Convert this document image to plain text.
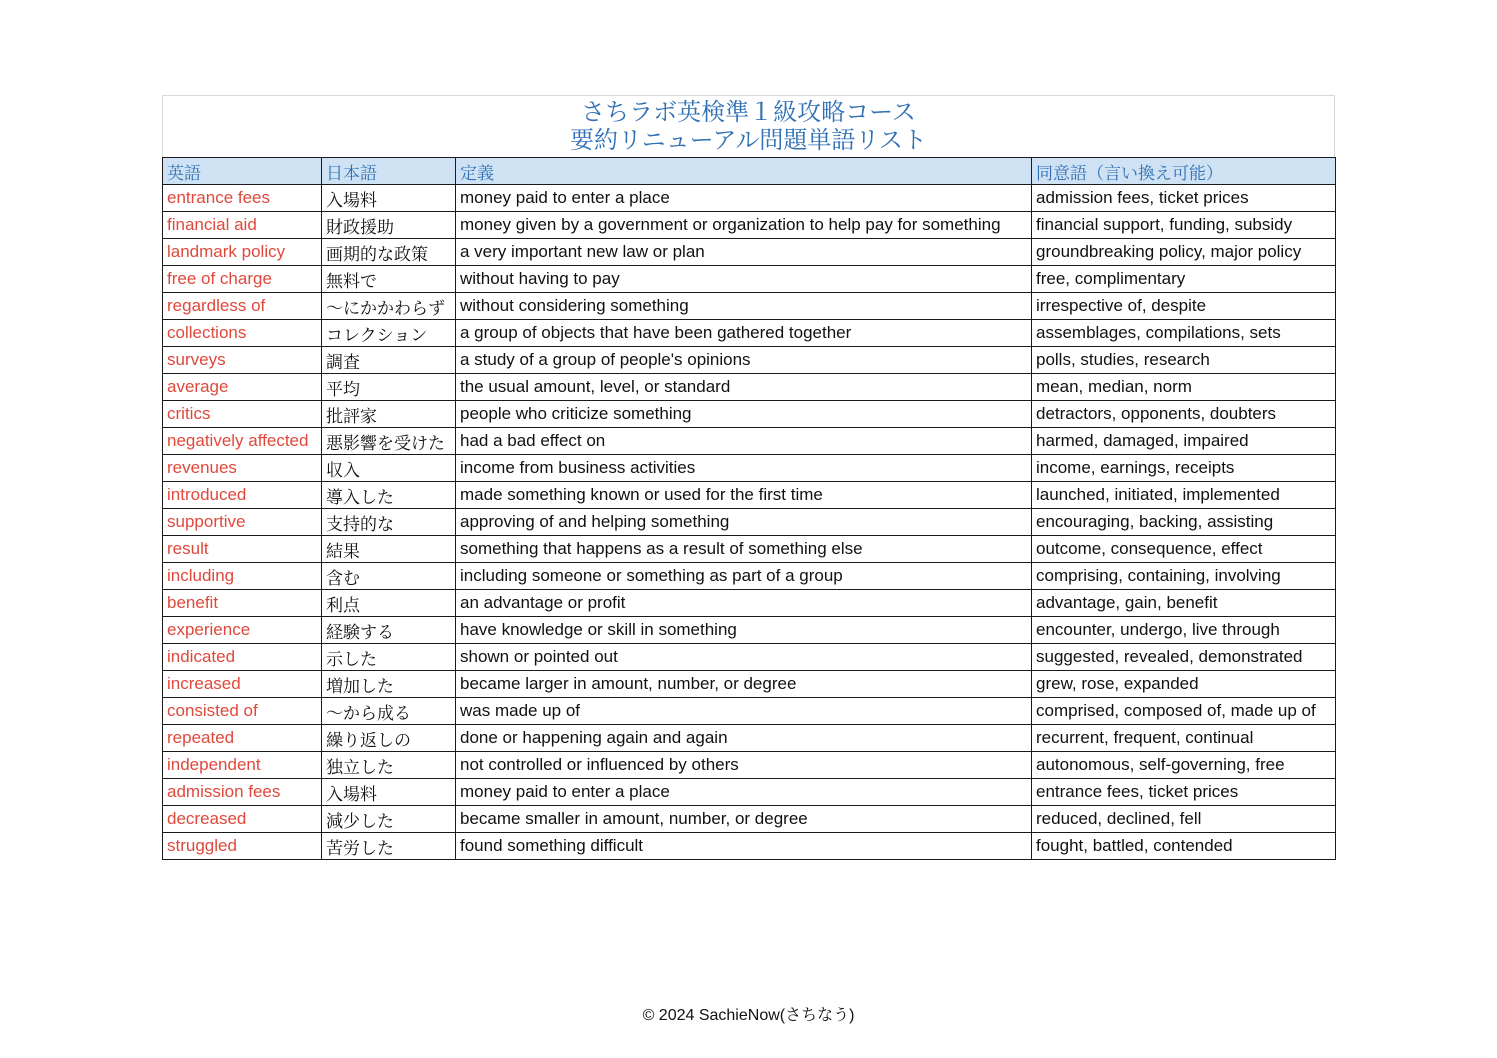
さちラボ英検準１級攻略コース
要約リニューアル問題単語リスト
英語	日本語	定義	同意語（言い換え可能）
entrance fees	入場料	money paid to enter a place	admission fees, ticket prices
financial aid	財政援助	money given by a government or organization to help pay for something	financial support, funding, subsidy
landmark policy	画期的な政策	a very important new law or plan	groundbreaking policy, major policy
free of charge	無料で	without having to pay	free, complimentary
regardless of	～にかかわらず	without considering something	irrespective of, despite
collections	コレクション	a group of objects that have been gathered together	assemblages, compilations, sets
surveys	調査	a study of a group of people's opinions	polls, studies, research
average	平均	the usual amount, level, or standard	mean, median, norm
critics	批評家	people who criticize something	detractors, opponents, doubters
negatively affected	悪影響を受けた	had a bad effect on	harmed, damaged, impaired
revenues	収入	income from business activities	income, earnings, receipts
introduced	導入した	made something known or used for the first time	launched, initiated, implemented
supportive	支持的な	approving of and helping something	encouraging, backing, assisting
result	結果	something that happens as a result of something else	outcome, consequence, effect
including	含む	including someone or something as part of a group	comprising, containing, involving
benefit	利点	an advantage or profit	advantage, gain, benefit
experience	経験する	have knowledge or skill in something	encounter, undergo, live through
indicated	示した	shown or pointed out	suggested, revealed, demonstrated
increased	増加した	became larger in amount, number, or degree	grew, rose, expanded
consisted of	～から成る	was made up of	comprised, composed of, made up of
repeated	繰り返しの	done or happening again and again	recurrent, frequent, continual
independent	独立した	not controlled or influenced by others	autonomous, self-governing, free
admission fees	入場料	money paid to enter a place	entrance fees, ticket prices
decreased	減少した	became smaller in amount, number, or degree	reduced, declined, fell
struggled	苦労した	found something difficult	fought, battled, contended
© 2024 SachieNow(さちなう)
